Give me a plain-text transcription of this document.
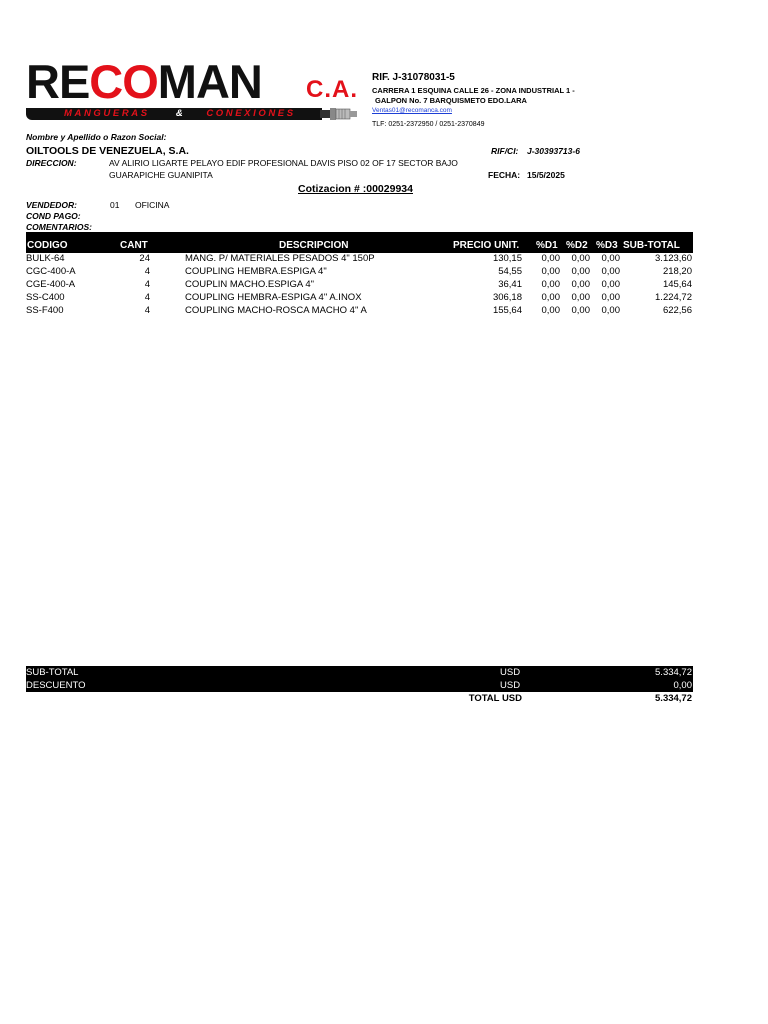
RECOMAN C.A.
MANGUERAS	& CONEXIONES
RIF. J-31078031-5
CARRERA 1 ESQUINA CALLE 26 - ZONA INDUSTRIAL 1 -
GALPON No. 7 BARQUISMETO EDO.LARA
Ventas01@recomanca.com
TLF: 0251-2372950 / 0251-2370849
Nombre y Apellido o Razon Social:
OILTOOLS DE VENEZUELA, S.A.	RIF/CI: J-30393713-6
DIRECCION:	AV ALIRIO LIGARTE PELAYO EDIF PROFESIONAL DAVIS PISO 02 OF 17 SECTOR BAJO
GUARAPICHE GUANIPITA	FECHA: 15/5/2025
Cotizacion # :00029934
VENDEDOR:	01 OFICINA
COND PAGO:
COMENTARIOS:
CODIGO	CANT	DESCRIPCION	PRECIO UNIT. %D1 %D2 %D3 SUB-TOTAL
BULK-64	24	MANG. P/ MATERIALES PESADOS 4" 150P	130,15 0,00 0,00 0,00	3.123,60
CGC-400-A	4	COUPLING HEMBRA.ESPIGA 4"	54,55 0,00 0,00 0,00	218,20
CGE-400-A	4	COUPLIN MACHO.ESPIGA 4"	36,41 0,00 0,00 0,00	145,64
SS-C400	4	COUPLING HEMBRA-ESPIGA 4" A.INOX	306,18 0,00 0,00 0,00	1.224,72
SS-F400	4	COUPLING MACHO-ROSCA MACHO 4" A	155,64 0,00 0,00 0,00	622,56
SUB-TOTAL	USD	5.334,72
DESCUENTO	USD	0,00
TOTAL USD	5.334,72
